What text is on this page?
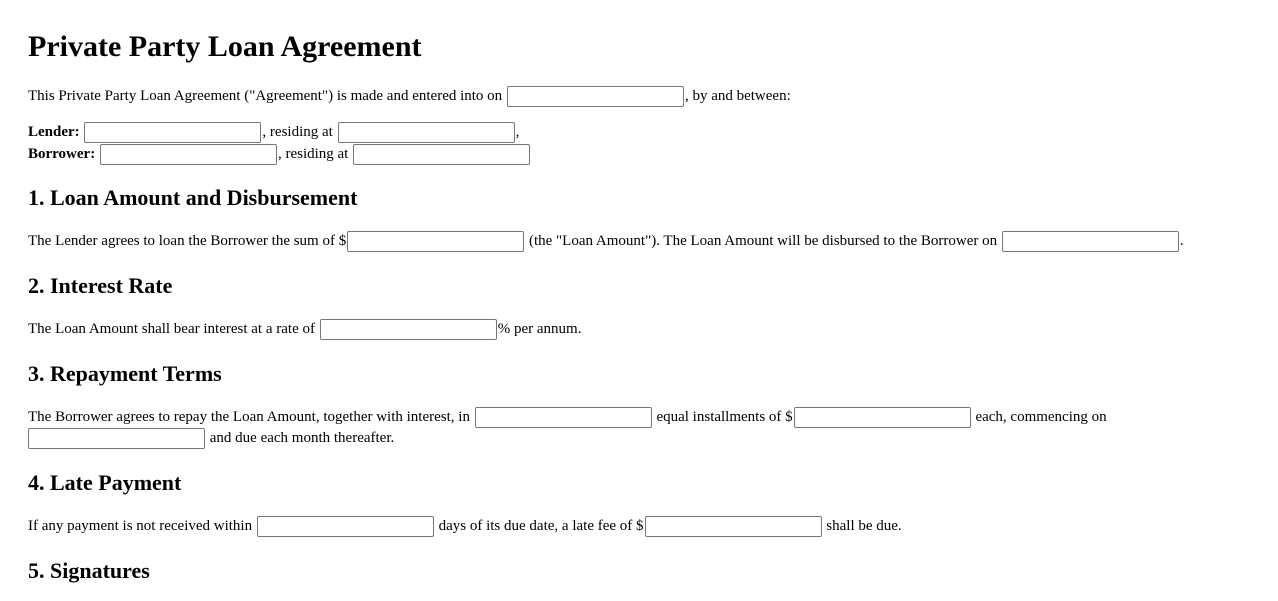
Private Party Loan Agreement
This Private Party Loan Agreement ("Agreement") is made and entered into on	, by and between:
Lender:	, residing at	,
Borrower:	, residing at
1. Loan Amount and Disbursement
The Lender agrees to loan the Borrower the sum of $	(the "Loan Amount"). The Loan Amount will be disbursed to the Borrower on	.
2. Interest Rate
The Loan Amount shall bear interest at a rate of	% per annum.
3. Repayment Terms
The Borrower agrees to repay the Loan Amount, together with interest, in	equal installments of $	each, commencing on
and due each month thereafter.
4. Late Payment
If any payment is not received within	days of its due date, a late fee of $	shall be due.
5. Signatures
